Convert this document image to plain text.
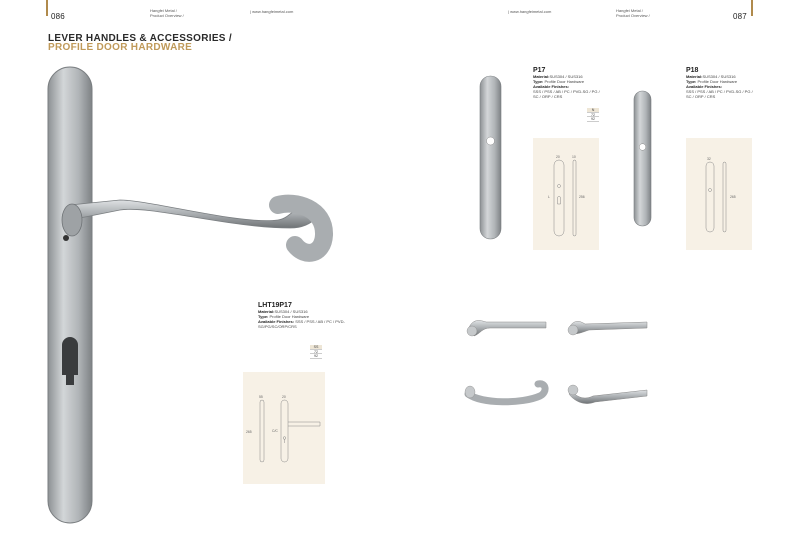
086
Hangfei Metal /
Product Overview /
| www.hangfeimetal.com
LEVER HANDLES & ACCESSORIES /
PROFILE DOOR HARDWARE
LHT19P17
Material:SUS304 / SUS316
Type: Profile Door Hardware
Available Finishes: SSS / PSS / AB / PC / PVD-SG/PG/SC/ORP/CRS
SS
72
92
55	20
C/C
265
| www.hangfeimetal.com	Hangfei Metal /
Product Overview /	087
P17
Material:SUS304 / SUS316
Type: Profile Door Hardware
Available Finishes:
SSS / PSS / AB / PC / PVD-SG / PG / SC / ORP / CRS
N
72
92
20	10
L	256
P18
Material:SUS304 / SUS316
Type: Profile Door Hardware
Available Finishes:
SSS / PSS / AB / PC / PVD-SG / PG / SC / ORP / CRS
32
265
